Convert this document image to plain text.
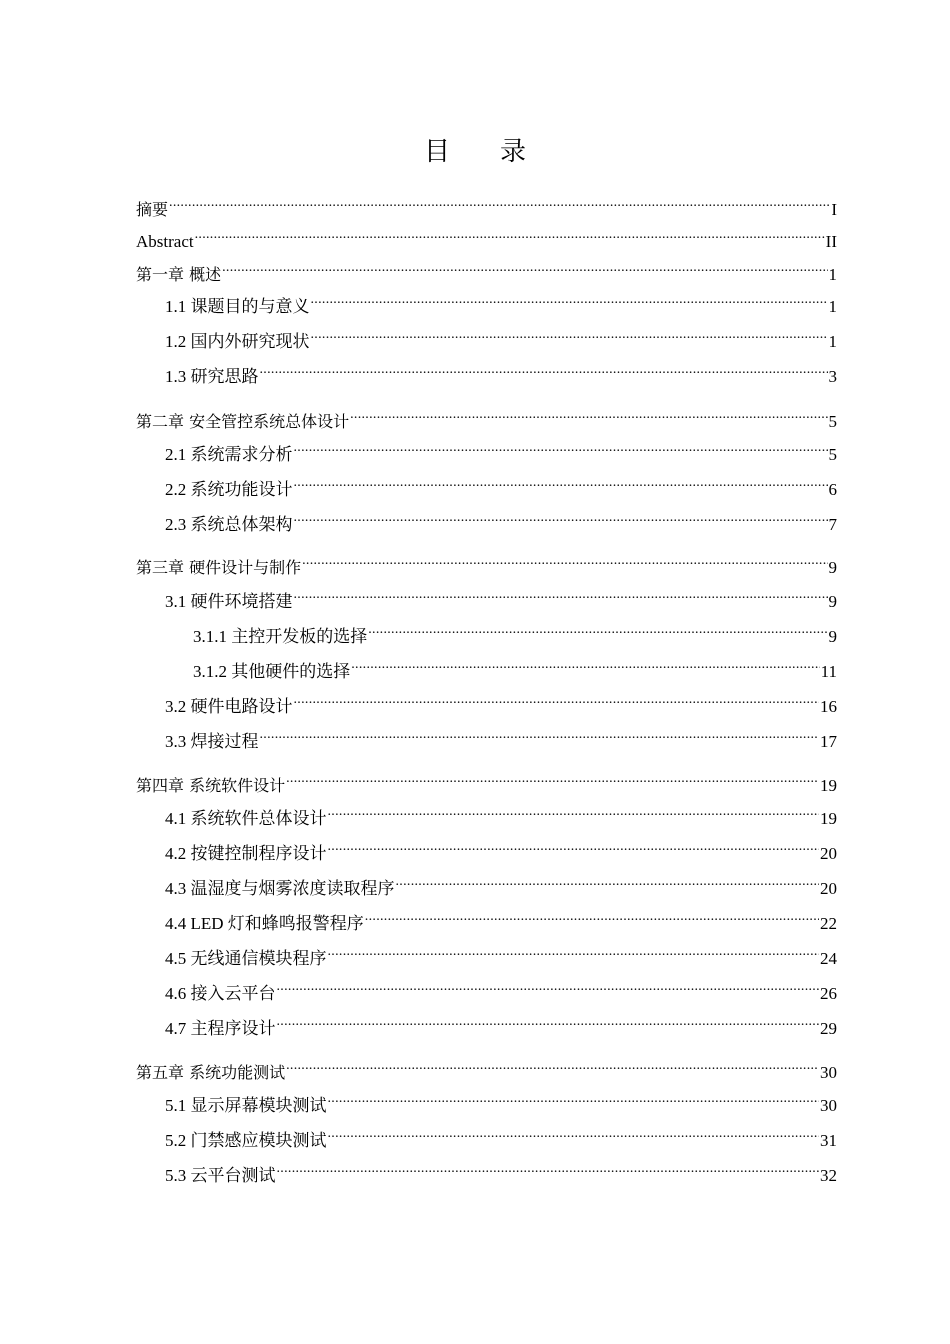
目 录
摘要 .....	I
Abstract .....	II
第一章 概述 .....	1
1.1 课题目的与意义 .....	1
1.2 国内外研究现状 .....	1
1.3 研究思路 .....	3
第二章 安全管控系统总体设计 .....	5
2.1 系统需求分析 .....	5
2.2 系统功能设计 .....	6
2.3 系统总体架构 .....	7
第三章 硬件设计与制作 .....	9
3.1 硬件环境搭建 .....	9
3.1.1 主控开发板的选择 .....	9
3.1.2 其他硬件的选择 .....	11
3.2 硬件电路设计 .....	16
3.3 焊接过程 .....	17
第四章 系统软件设计 .....	19
4.1 系统软件总体设计 .....	19
4.2 按键控制程序设计 .....	20
4.3 温湿度与烟雾浓度读取程序 .....	20
4.4 LED 灯和蜂鸣报警程序 .....	22
4.5 无线通信模块程序 .....	24
4.6 接入云平台 .....	26
4.7 主程序设计 .....	29
第五章 系统功能测试 .....	30
5.1 显示屏幕模块测试 .....	30
5.2 门禁感应模块测试 .....	31
5.3 云平台测试 .....	32
